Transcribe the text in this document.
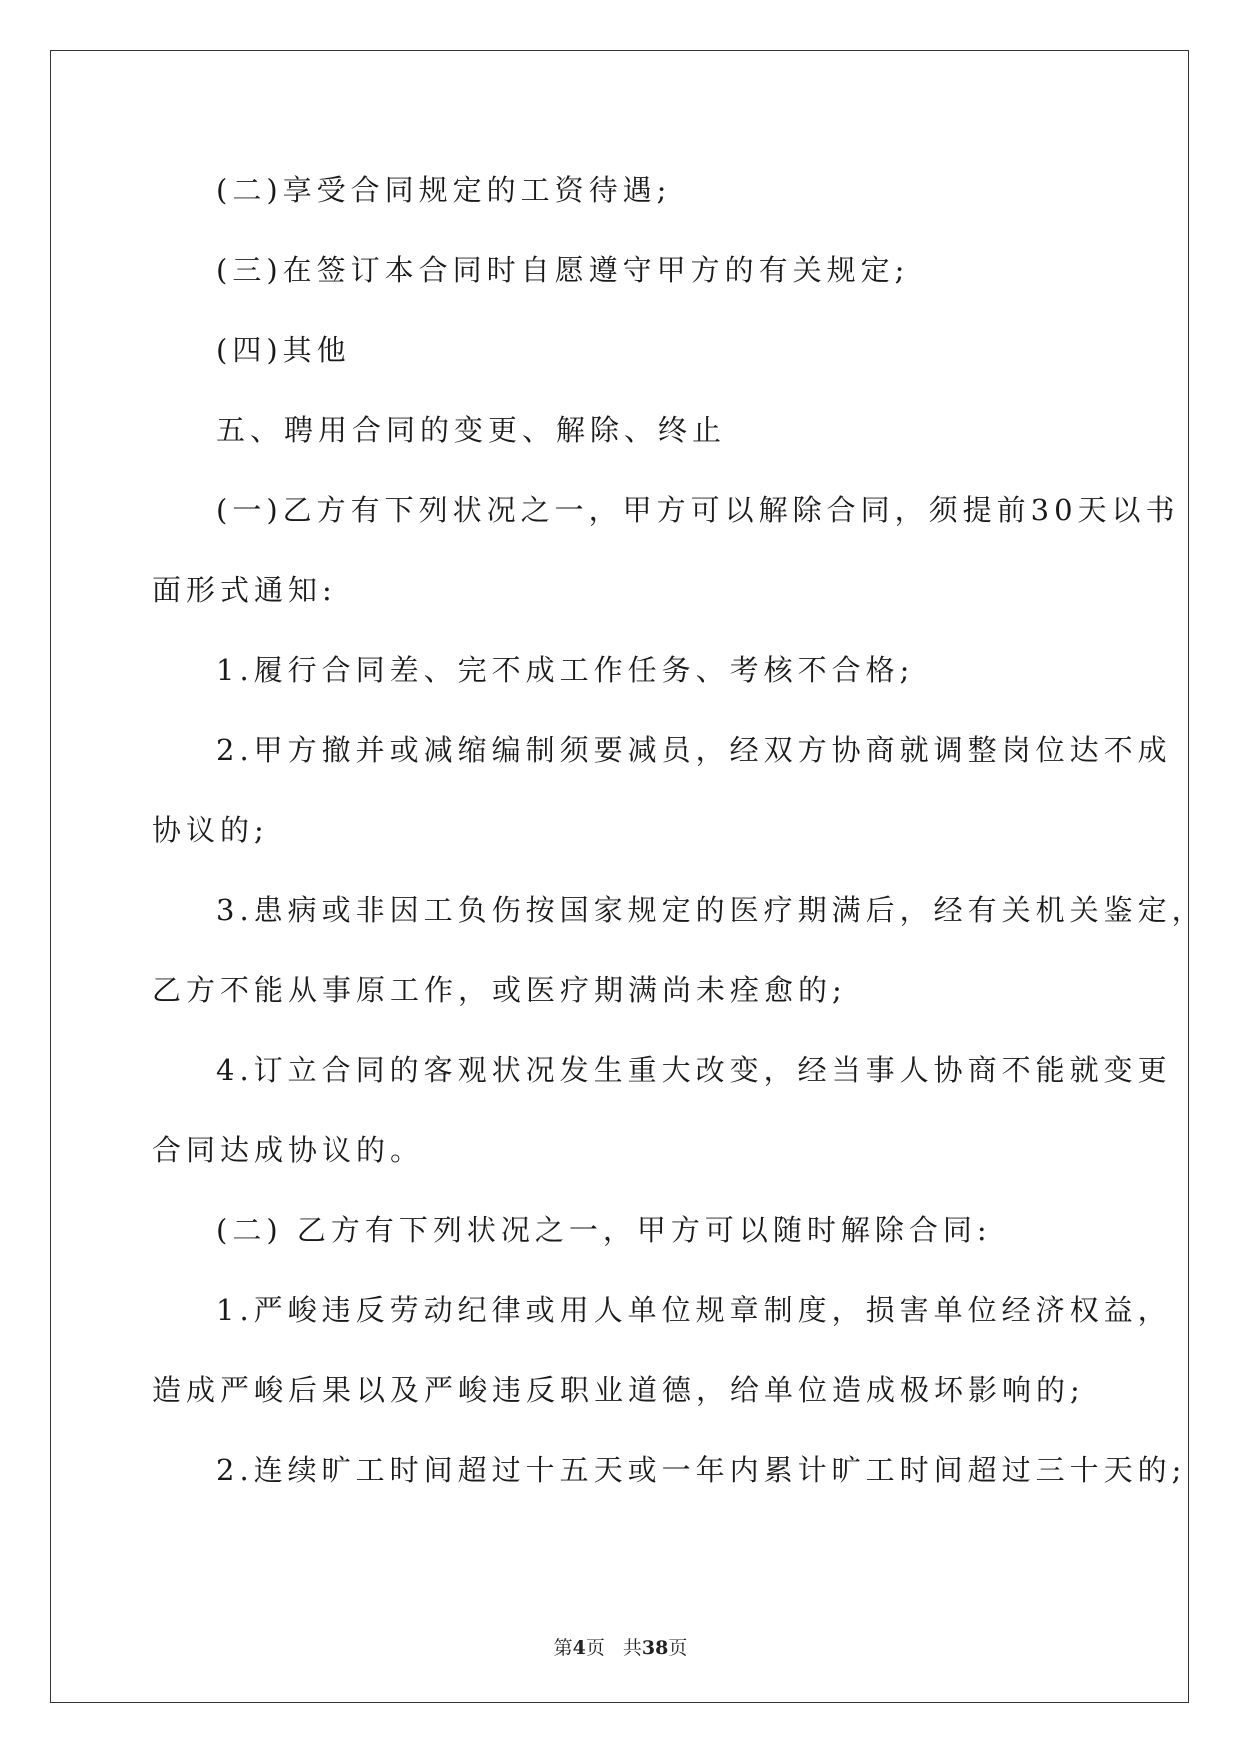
(二)享受合同规定的工资待遇;
(三)在签订本合同时自愿遵守甲方的有关规定;
(四)其他
五、聘用合同的变更、解除、终止
(一)乙方有下列状况之一，甲方可以解除合同，须提前30天以书
面形式通知:
1.履行合同差、完不成工作任务、考核不合格;
2.甲方撤并或减缩编制须要减员，经双方协商就调整岗位达不成
协议的;
3.患病或非因工负伤按国家规定的医疗期满后，经有关机关鉴定，
乙方不能从事原工作，或医疗期满尚未痊愈的;
4.订立合同的客观状况发生重大改变，经当事人协商不能就变更
合同达成协议的。
(二) 乙方有下列状况之一，甲方可以随时解除合同:
1.严峻违反劳动纪律或用人单位规章制度，损害单位经济权益，
造成严峻后果以及严峻违反职业道德，给单位造成极坏影响的;
2.连续旷工时间超过十五天或一年内累计旷工时间超过三十天的;
第4页 共38页
